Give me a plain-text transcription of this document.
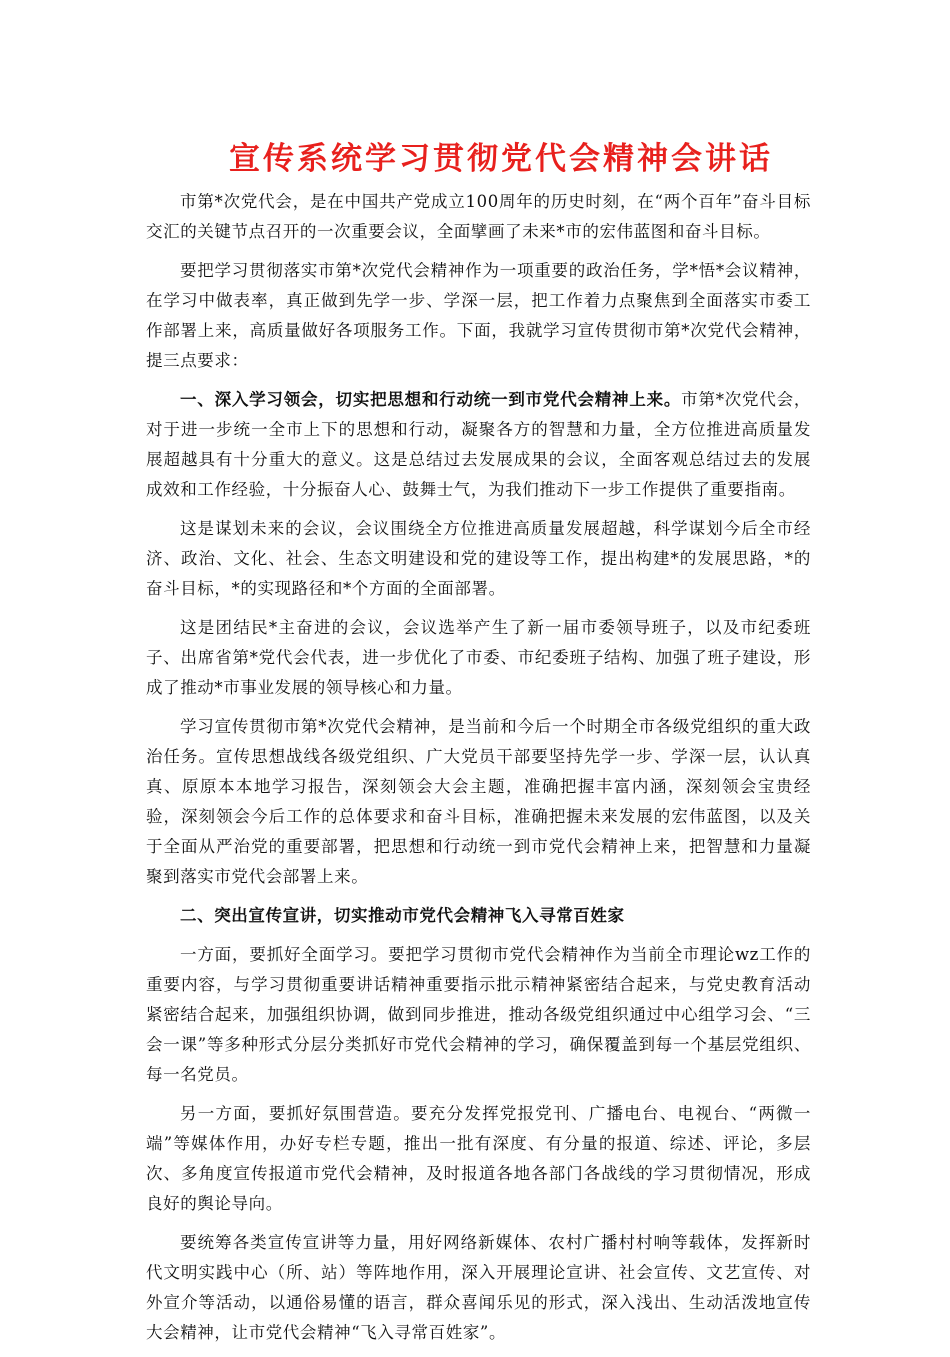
宣传系统学习贯彻党代会精神会讲话

市第*次党代会，是在中国共产党成立100周年的历史时刻，在“两个百年”奋斗目标交汇的关键节点召开的一次重要会议，全面擘画了未来*市的宏伟蓝图和奋斗目标。

要把学习贯彻落实市第*次党代会精神作为一项重要的政治任务，学*悟*会议精神，在学习中做表率，真正做到先学一步、学深一层，把工作着力点聚焦到全面落实市委工作部署上来，高质量做好各项服务工作。下面，我就学习宣传贯彻市第*次党代会精神，提三点要求：

一、深入学习领会，切实把思想和行动统一到市党代会精神上来。市第*次党代会，对于进一步统一全市上下的思想和行动，凝聚各方的智慧和力量，全方位推进高质量发展超越具有十分重大的意义。这是总结过去发展成果的会议，全面客观总结过去的发展成效和工作经验，十分振奋人心、鼓舞士气，为我们推动下一步工作提供了重要指南。

这是谋划未来的会议，会议围绕全方位推进高质量发展超越，科学谋划今后全市经济、政治、文化、社会、生态文明建设和党的建设等工作，提出构建*的发展思路，*的奋斗目标，*的实现路径和*个方面的全面部署。

这是团结民*主奋进的会议，会议选举产生了新一届市委领导班子，以及市纪委班子、出席省第*党代会代表，进一步优化了市委、市纪委班子结构、加强了班子建设，形成了推动*市事业发展的领导核心和力量。

学习宣传贯彻市第*次党代会精神，是当前和今后一个时期全市各级党组织的重大政治任务。宣传思想战线各级党组织、广大党员干部要坚持先学一步、学深一层，认认真真、原原本本地学习报告，深刻领会大会主题，准确把握丰富内涵，深刻领会宝贵经验，深刻领会今后工作的总体要求和奋斗目标，准确把握未来发展的宏伟蓝图，以及关于全面从严治党的重要部署，把思想和行动统一到市党代会精神上来，把智慧和力量凝聚到落实市党代会部署上来。

二、突出宣传宣讲，切实推动市党代会精神飞入寻常百姓家

一方面，要抓好全面学习。要把学习贯彻市党代会精神作为当前全市理论wz工作的重要内容，与学习贯彻重要讲话精神重要指示批示精神紧密结合起来，与党史教育活动紧密结合起来，加强组织协调，做到同步推进，推动各级党组织通过中心组学习会、“三会一课”等多种形式分层分类抓好市党代会精神的学习，确保覆盖到每一个基层党组织、每一名党员。

另一方面，要抓好氛围营造。要充分发挥党报党刊、广播电台、电视台、“两微一端”等媒体作用，办好专栏专题，推出一批有深度、有分量的报道、综述、评论，多层次、多角度宣传报道市党代会精神，及时报道各地各部门各战线的学习贯彻情况，形成良好的舆论导向。

要统筹各类宣传宣讲等力量，用好网络新媒体、农村广播村村响等载体，发挥新时代文明实践中心（所、站）等阵地作用，深入开展理论宣讲、社会宣传、文艺宣传、对外宣介等活动，以通俗易懂的语言，群众喜闻乐见的形式，深入浅出、生动活泼地宣传大会精神，让市党代会精神“飞入寻常百姓家”。
